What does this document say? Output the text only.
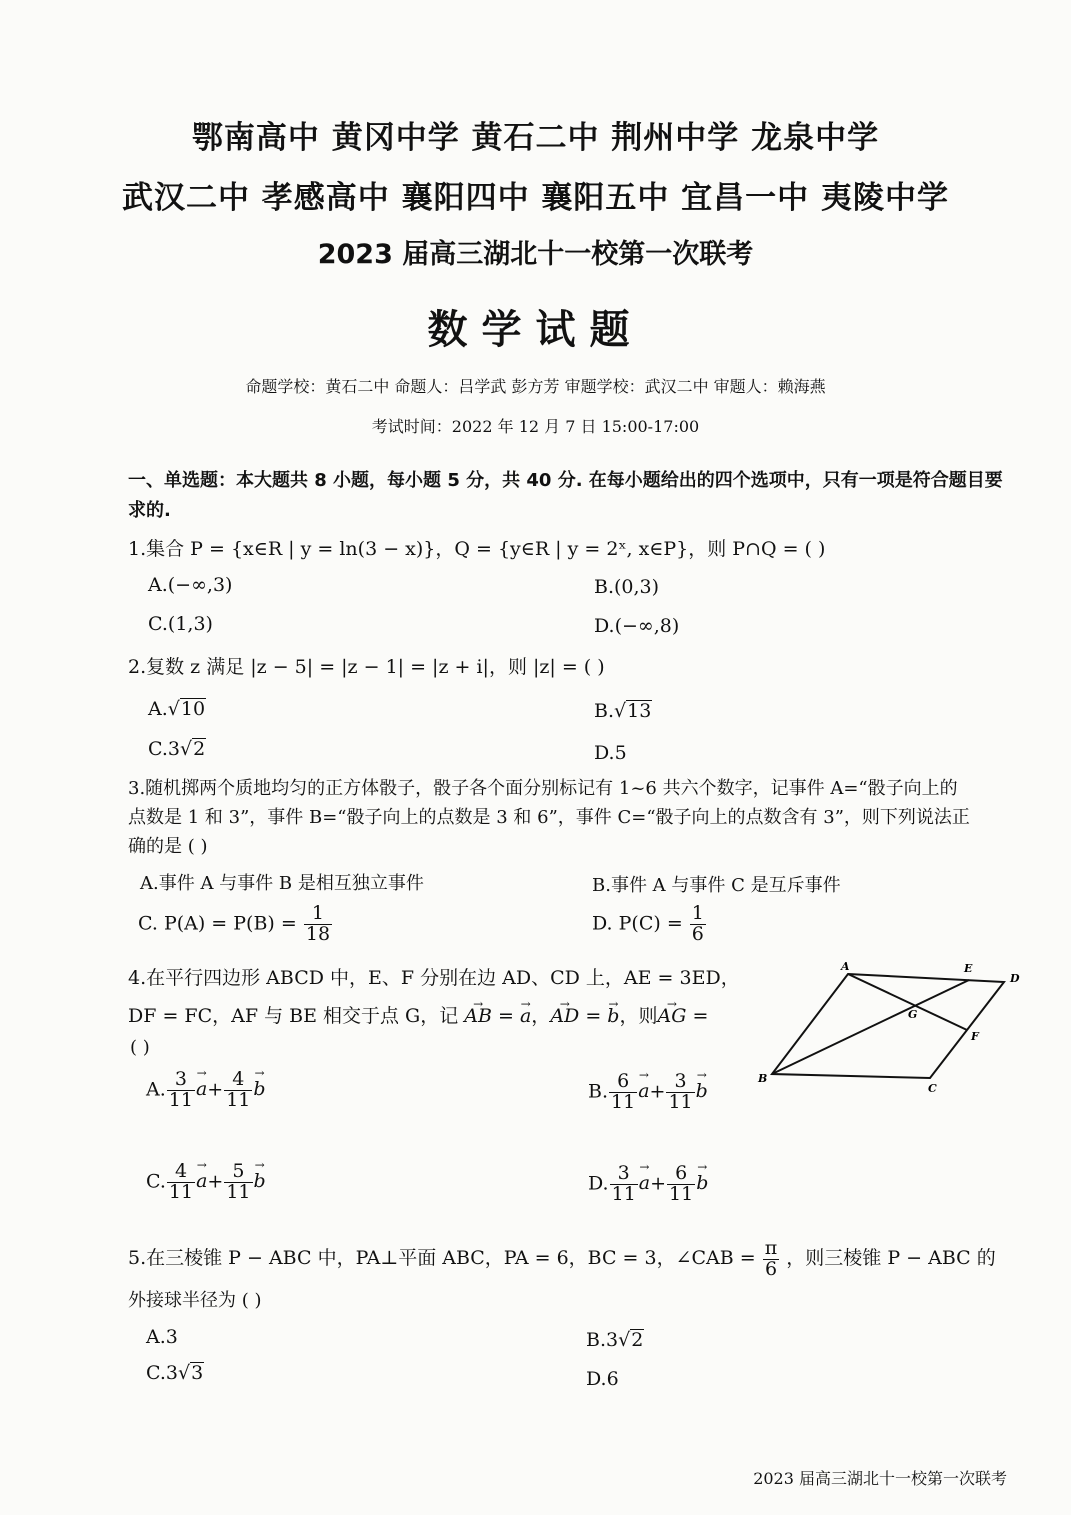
鄂南高中 黄冈中学 黄石二中 荆州中学 龙泉中学
武汉二中 孝感高中 襄阳四中 襄阳五中 宜昌一中 夷陵中学
2023 届高三湖北十一校第一次联考
数学试题
命题学校：黄石二中 命题人：吕学武 彭方芳 审题学校：武汉二中 审题人：赖海燕
考试时间：2022 年 12 月 7 日 15:00-17:00
一、单选题：本大题共 8 小题，每小题 5 分，共 40 分. 在每小题给出的四个选项中，只有一项是符合题目要求的.
1.集合 P = {x∈R | y = ln(3 − x)}，Q = {y∈R | y = 2ˣ, x∈P}，则 P∩Q = ( )
A.(−∞,3)	B.(0,3)
C.(1,3)	D.(−∞,8)
2.复数 z 满足 |z − 5| = |z − 1| = |z + i|，则 |z| = ( )
A.√10	B.√13
C.3√2	D.5
3.随机掷两个质地均匀的正方体骰子，骰子各个面分别标记有 1~6 共六个数字，记事件 A=“骰子向上的
点数是 1 和 3”，事件 B=“骰子向上的点数是 3 和 6”，事件 C=“骰子向上的点数含有 3”，则下列说法正
确的是 ( )
A.事件 A 与事件 B 是相互独立事件	B.事件 A 与事件 C 是互斥事件
C. $P(A) = P(B) = \frac{1}{18}$	D. $P(C) = \frac{1}{6}$
4.在平行四边形 ABCD 中，E、F 分别在边 AD、CD 上，AE = 3ED，
DF = FC，AF 与 BE 相交于点 G，记 → AB = → a，→ AD = → b，则→ AG =
( )
A. $\frac{3}{11}$
→ $a+ \frac{4}{11}$
→ b	B. $\frac{6}{11}$
→ $a+ \frac{3}{11}$
→ b
C. $\frac{4}{11}$
→ $a+ \frac{5}{11}$
→ b	D. $\frac{3}{11}$
→ $a+ \frac{6}{11}$
→ b
A	E
D
G
F
B
C
5.在三棱锥 P − ABC 中，PA⊥平面 ABC，PA = 6，BC = 3，∠CAB = $\frac{\pi}{6}$ ，则三棱锥 P − ABC 的
外接球半径为 ( )
A.3	B.3√2
C.3√3	D.6
2023 届高三湖北十一校第一次联考
